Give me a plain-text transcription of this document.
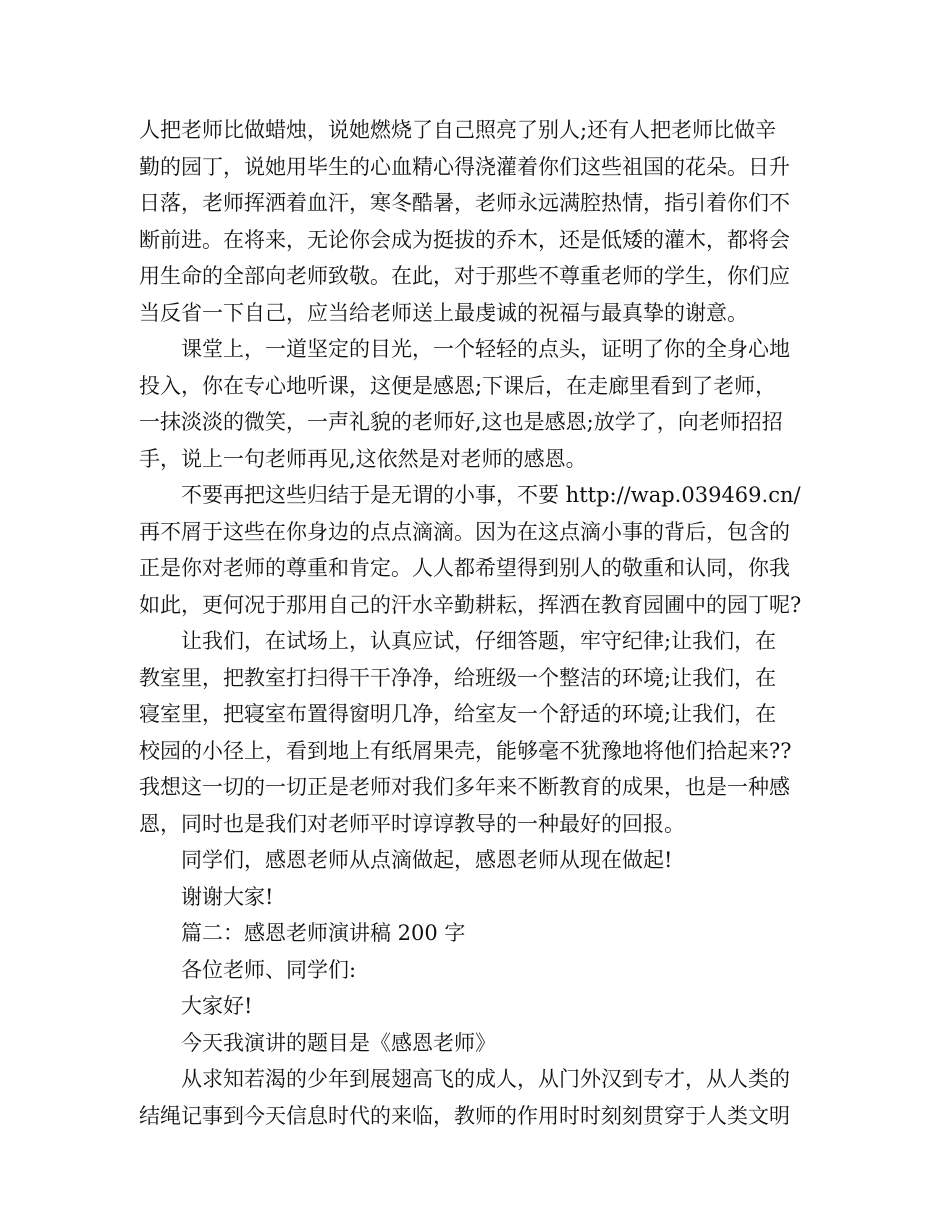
人把老师比做蜡烛，说她燃烧了自己照亮了别人;还有人把老师比做辛
勤的园丁，说她用毕生的心血精心得浇灌着你们这些祖国的花朵。日升
日落，老师挥洒着血汗，寒冬酷暑，老师永远满腔热情，指引着你们不
断前进。在将来，无论你会成为挺拔的乔木，还是低矮的灌木，都将会
用生命的全部向老师致敬。在此，对于那些不尊重老师的学生，你们应
当反省一下自己，应当给老师送上最虔诚的祝福与最真挚的谢意。
课堂上，一道坚定的目光，一个轻轻的点头，证明了你的全身心地
投入，你在专心地听课，这便是感恩;下课后，在走廊里看到了老师，
一抹淡淡的微笑，一声礼貌的老师好,这也是感恩;放学了，向老师招招
手，说上一句老师再见,这依然是对老师的感恩。
不要再把这些归结于是无谓的小事，不要 http://wap.039469.cn/
再不屑于这些在你身边的点点滴滴。因为在这点滴小事的背后，包含的
正是你对老师的尊重和肯定。人人都希望得到别人的敬重和认同，你我
如此，更何况于那用自己的汗水辛勤耕耘，挥洒在教育园圃中的园丁呢?
让我们，在试场上，认真应试，仔细答题，牢守纪律;让我们，在
教室里，把教室打扫得干干净净，给班级一个整洁的环境;让我们，在
寝室里，把寝室布置得窗明几净，给室友一个舒适的环境;让我们，在
校园的小径上，看到地上有纸屑果壳，能够毫不犹豫地将他们拾起来??
我想这一切的一切正是老师对我们多年来不断教育的成果，也是一种感
恩，同时也是我们对老师平时谆谆教导的一种最好的回报。
同学们，感恩老师从点滴做起，感恩老师从现在做起!
谢谢大家!
篇二：感恩老师演讲稿 200 字
各位老师、同学们:
大家好!
今天我演讲的题目是《感恩老师》
从求知若渴的少年到展翅高飞的成人，从门外汉到专才，从人类的
结绳记事到今天信息时代的来临，教师的作用时时刻刻贯穿于人类文明
